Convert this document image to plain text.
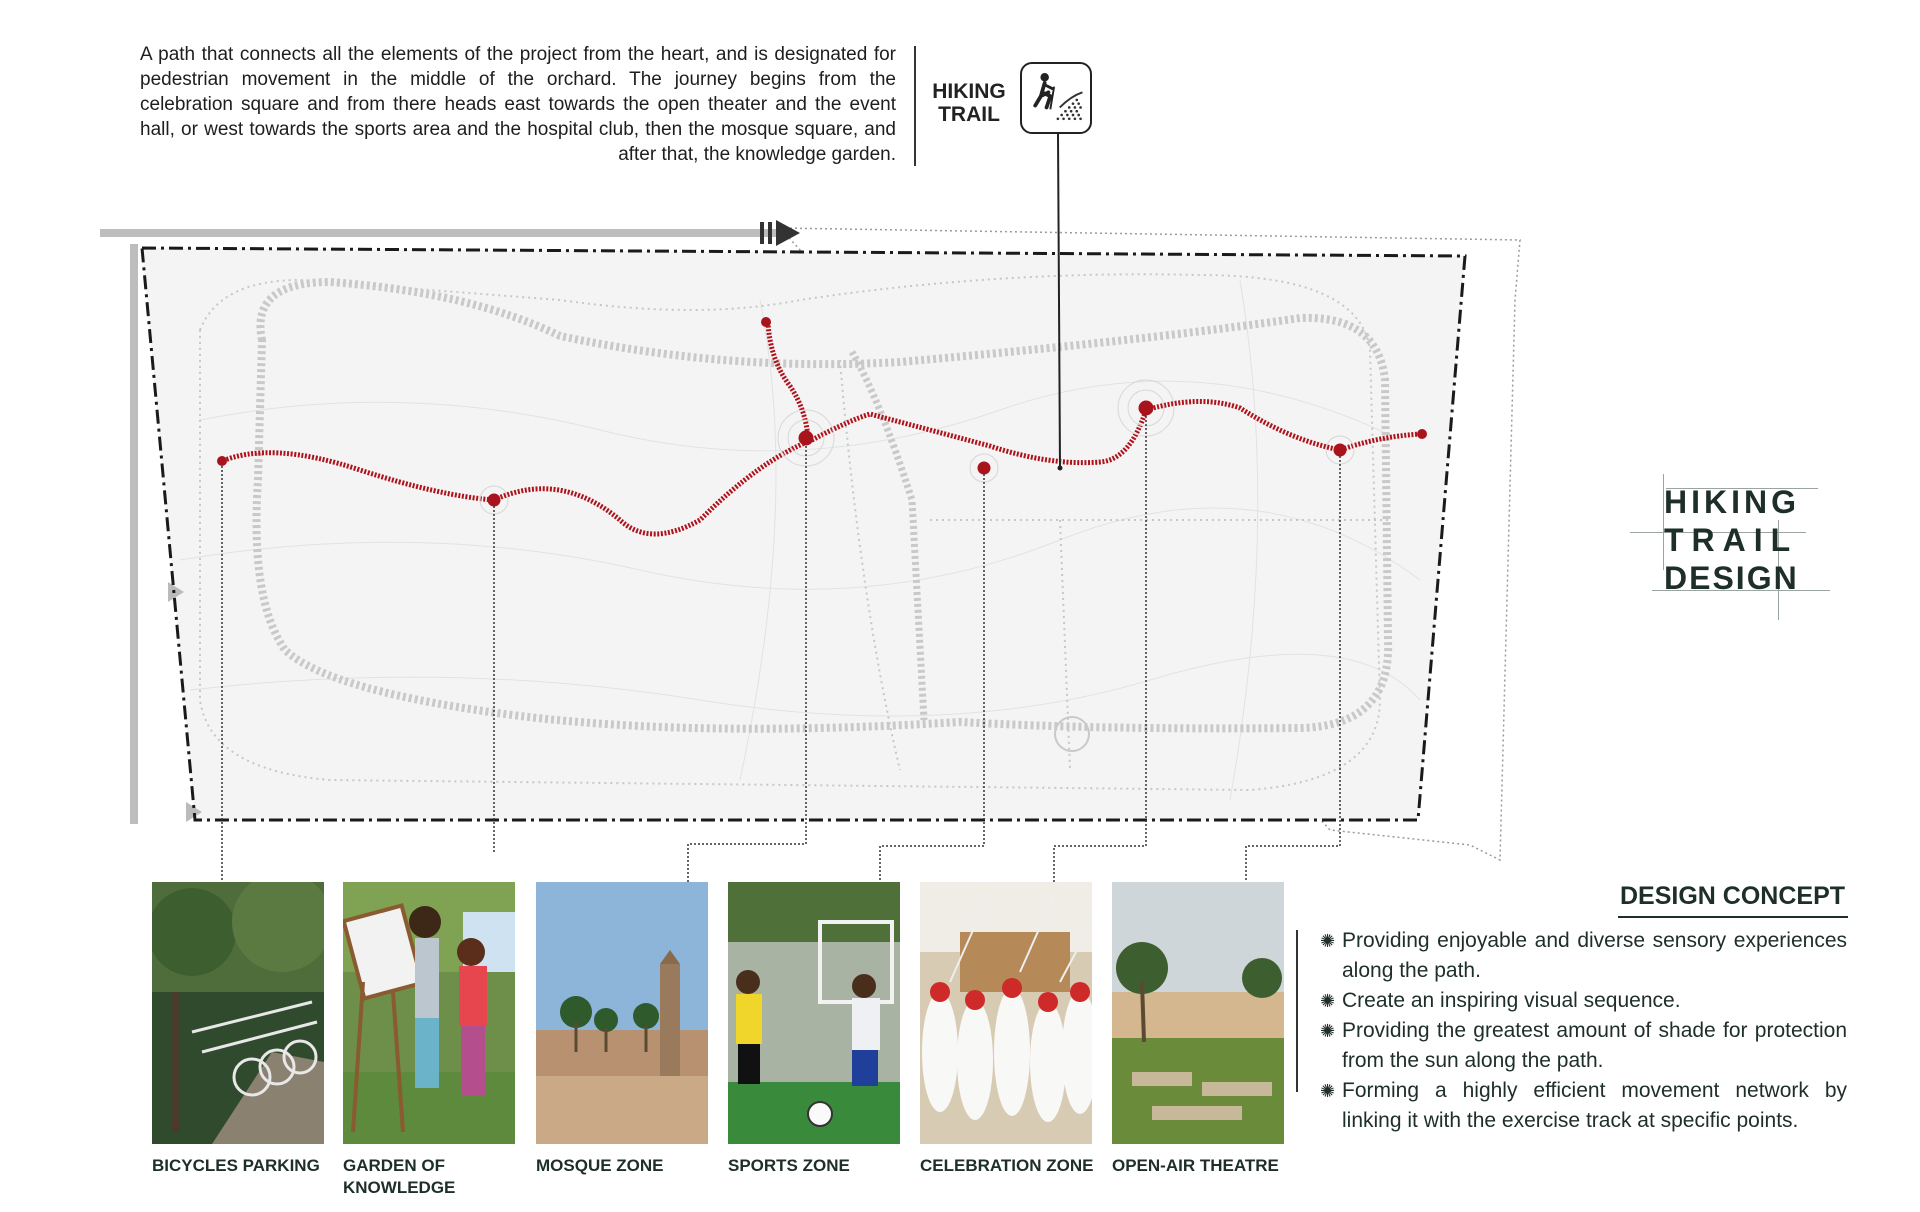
A path that connects all the elements of the project from the heart, and is designated for pedestrian movement in the middle of the orchard. The journey begins from the celebration square and from there heads east towards the open theater and the event hall, or west towards the sports area and the hospital club, then the mosque square, and after that, the knowledge garden.
HIKING
TRAIL
HIKING
TRAIL
DESIGN
BICYCLES PARKING	GARDEN OF KNOWLEDGE
MOSQUE ZONE	SPORTS ZONE	CELEBRATION ZONE	OPEN-AIR THEATRE
DESIGN CONCEPT
✺ Providing enjoyable and diverse sensory experiences along the path.
✺ Create an inspiring visual sequence.
✺ Providing the greatest amount of shade for protection from the sun along the path.
✺ Forming a highly efficient movement network by linking it with the exercise track at specific points.
